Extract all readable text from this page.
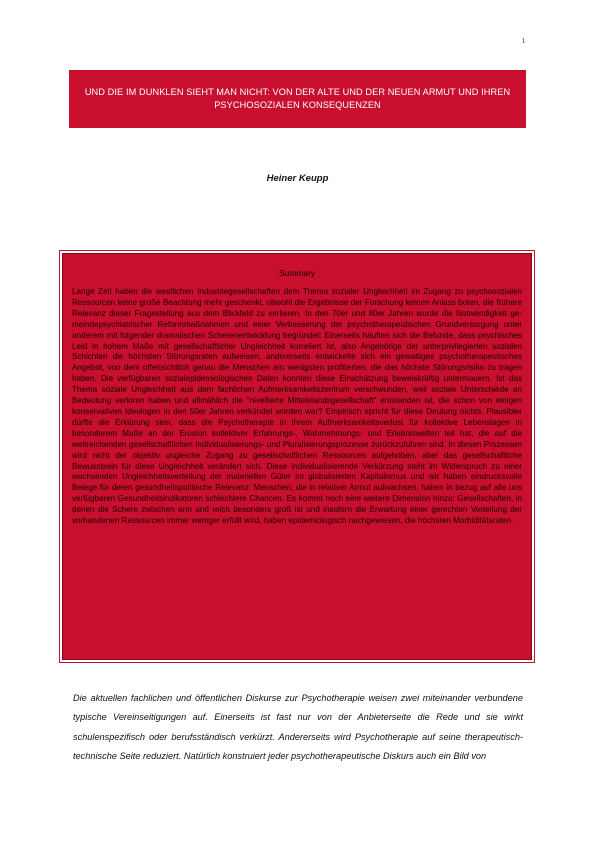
1
UND DIE IM DUNKLEN SIEHT MAN NICHT: VON DER ALTE UND DER NEUEN ARMUT UND IHREN PSYCHOSOZIALEN KONSEQUENZEN
Heiner Keupp
Summary
Lange Zeit haben die westlichen Industriegesellschaften dem Thema sozialer Ungleichheit im Zugang zu psychosozialen Ressourcen keine große Beachtung mehr geschenkt, obwohl die Ergebnisse der Forschung keinen Anlass boten, die frühere Relevanz dieser Fragestellung aus dem Blickfeld zu verlieren. In den 70er und 80er Jahren wurde die Notwendigkeit gemeindepsychiatrischer Reformmaßnahmen und einer Verbesserung der psychotherapeutischen Grundversorgung unter anderem mit folgender dramatischen Scherenentwicklung begründet: Einerseits häuften sich die Befunde, dass psychisches Leid in hohem Maße mit gesellschaftlicher Ungleichheit korreliert ist, also Angehörige der unterprivilegierten sozialen Schichten die höchsten Störungsraten aufweisen; andererseits entwickelte sich ein gewaltiges psychotherapeutisches Angebot, von dem offensichtlich genau die Menschen am wenigsten profitierten, die das höchste Störungsrisiko zu tragen haben. Die verfügbaren sozialepidemiologischen Daten konnten diese Einschätzung beweiskräftig untermauern. Ist das Thema soziale Ungleichheit aus dem fachlichen Aufmerksamkeitszentrum verschwunden, weil soziale Unterschiede an Bedeutung verloren haben und allmählich die "nivellierte Mittelstandsgesellschaft" entstanden ist, die schon von einigen konservativen Ideologen in den 50er Jahren verkündet worden war? Empirisch spricht für diese Deutung nichts. Plausibler dürfte die Erklärung sein, dass die Psychotherapie in ihrem Aufmerksamkeitsverlust für kollektive Lebenslagen in besonderem Maße an der Erosion kollektiver Erfahrungs-, Wahrnehmungs- und Erlebniswelten teil hat, die auf die weitreichenden gesellschaftlichen Individualisierungs- und Pluralisierungsprozesse zurückzuführen sind. In diesen Prozessen wird nicht der objektiv ungleiche Zugang zu gesellschaftlichen Ressourcen aufgehoben, aber das gesellschaftliche Bewusstsein für diese Ungleichheit verändert sich. Diese individualisierende Verkürzung steht im Widerspruch zu einer wachsenden Ungleichheitsverteilung der materiellen Güter im globalisierten Kapitalismus und wir haben eindrucksvolle Belege für deren gesundheitspolitische Relevanz: Menschen, die in relativer Armut aufwachsen, haben in bezug auf alle uns verfügbaren Gesundheitsindikatoren schlechtere Chancen. Es kommt noch eine weitere Dimension hinzu: Gesellschaften, in denen die Schere zwischen arm und reich besonders groß ist und insofern die Erwartung einer gerechten Verteilung der vorhandenen Ressourcen immer weniger erfüllt wird, haben epidemiologisch nachgewiesen, die höchsten Morbiditätsraten.
Die aktuellen fachlichen und öffentlichen Diskurse zur Psychotherapie weisen zwei miteinander verbundene typische Vereinseitigungen auf. Einerseits ist fast nur von der Anbieterseite die Rede und sie wirkt schulenspezifisch oder berufsständisch verkürzt. Andererseits wird Psychotherapie auf seine therapeutisch-technische Seite reduziert. Natürlich konstruiert jeder psychotherapeutische Diskurs auch ein Bild von
